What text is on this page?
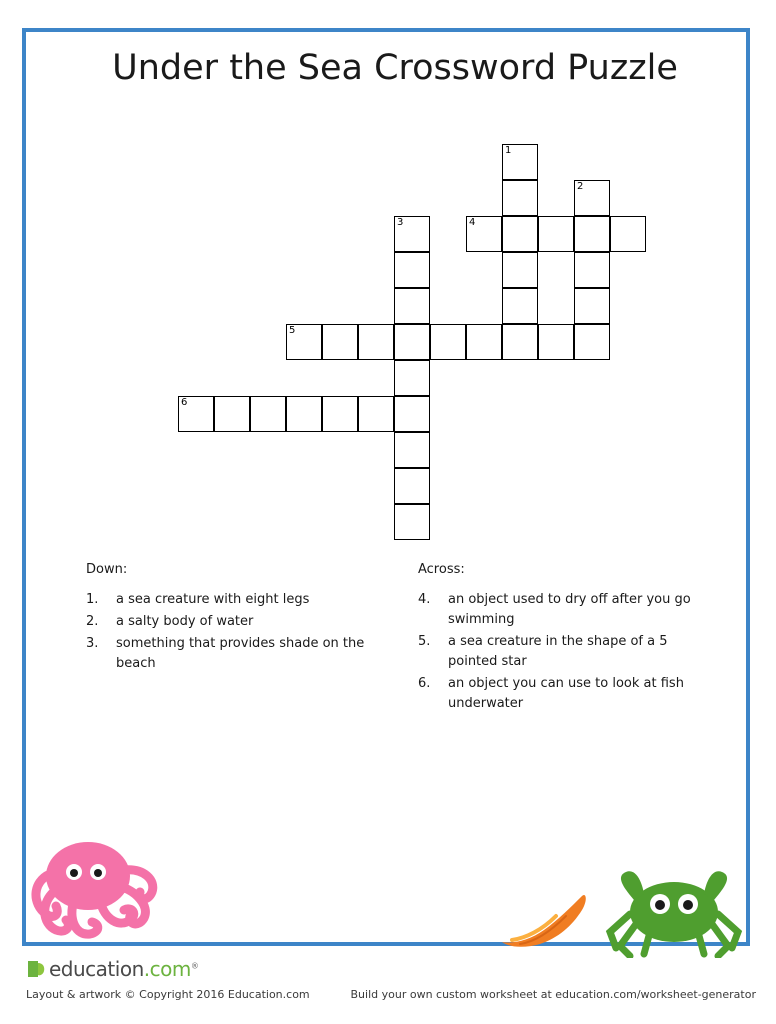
Under the Sea Crossword Puzzle
1
2
3	4
5
6
Down:
1.	a sea creature with eight legs
2.	a salty body of water
3.	something that provides shade on the beach
Across:
4.	an object used to dry off after you go swimming
5.	a sea creature in the shape of a 5 pointed star
6.	an object you can use to look at fish underwater
education.com®
Layout & artwork © Copyright 2016 Education.com	Build your own custom worksheet at education.com/worksheet-generator
